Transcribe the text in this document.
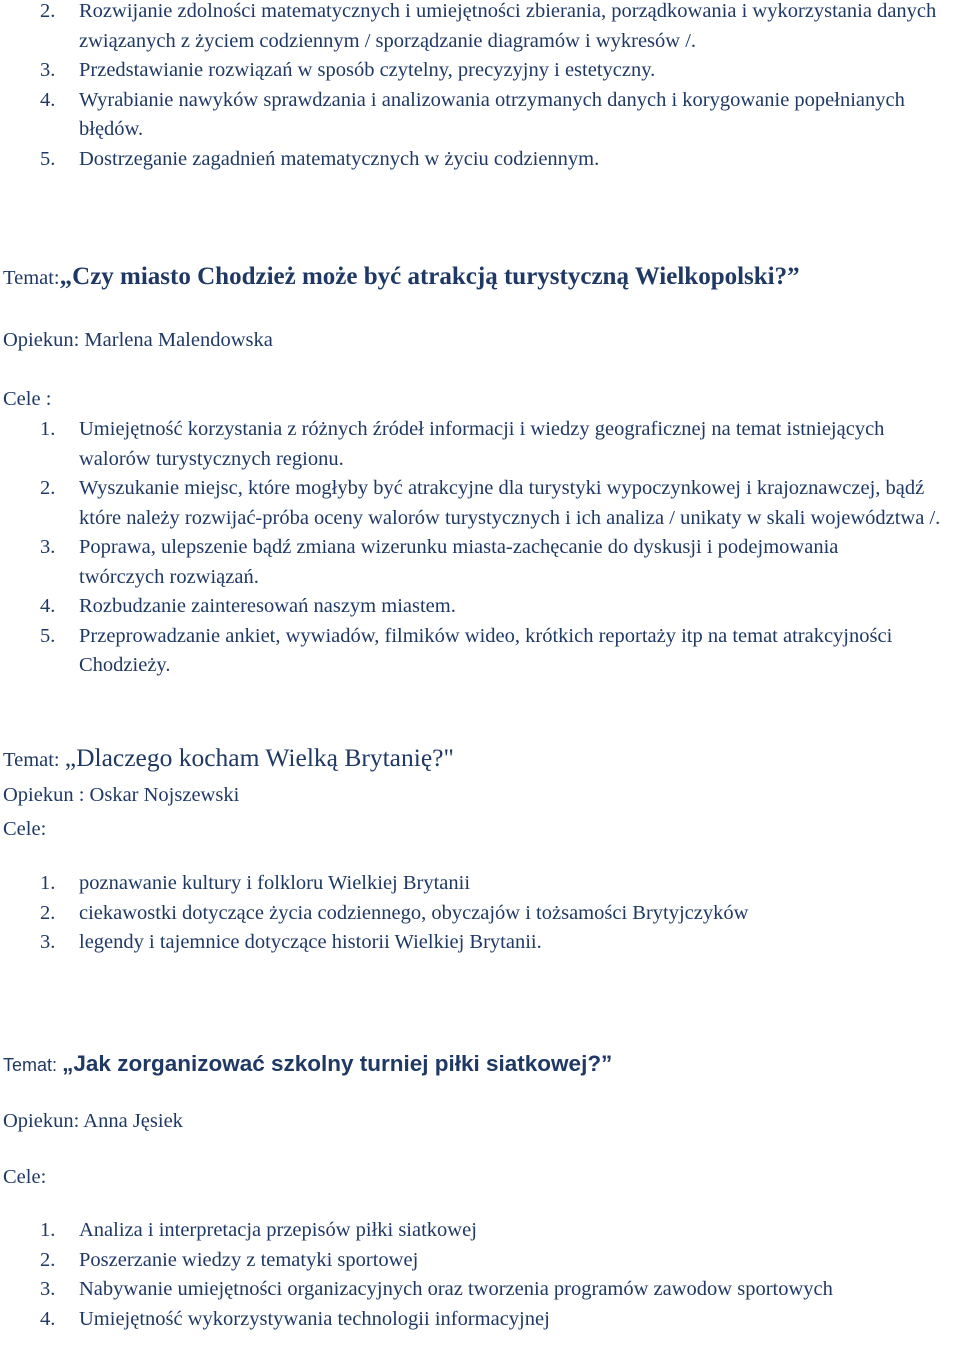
2. Rozwijanie zdolności matematycznych i umiejętności zbierania, porządkowania i wykorzystania danych związanych z życiem codziennym / sporządzanie diagramów i wykresów /.
3. Przedstawianie rozwiązań w sposób czytelny, precyzyjny i estetyczny.
4. Wyrabianie nawyków sprawdzania i analizowania otrzymanych danych i korygowanie popełnianych błędów.
5. Dostrzeganie zagadnień matematycznych w życiu codziennym.
Temat:„Czy miasto Chodzież może być atrakcją turystyczną Wielkopolski?”
Opiekun: Marlena Malendowska
Cele :
1. Umiejętność korzystania z różnych źródeł informacji i wiedzy geograficznej na temat istniejących walorów turystycznych regionu.
2. Wyszukanie miejsc, które mogłyby być atrakcyjne dla turystyki wypoczynkowej i krajoznawczej, bądź które należy rozwijać-próba oceny walorów turystycznych i ich analiza / unikaty w skali województwa /.
3. Poprawa, ulepszenie bądź zmiana wizerunku miasta-zachęcanie do dyskusji i podejmowania twórczych rozwiązań.
4. Rozbudzanie zainteresowań naszym miastem.
5. Przeprowadzanie ankiet, wywiadów, filmików wideo, krótkich reportaży itp na temat atrakcyjności Chodzieży.
Temat: „Dlaczego kocham Wielką Brytanię?"
Opiekun : Oskar Nojszewski
Cele:
1. poznawanie kultury i folkloru Wielkiej Brytanii
2. ciekawostki dotyczące życia codziennego, obyczajów i tożsamości Brytyjczyków
3. legendy i tajemnice dotyczące historii Wielkiej Brytanii.
Temat: „Jak zorganizować szkolny turniej piłki siatkowej?”
Opiekun: Anna Jęsiek
Cele:
1. Analiza i interpretacja przepisów piłki siatkowej
2. Poszerzanie wiedzy z tematyki sportowej
3. Nabywanie umiejętności organizacyjnych oraz tworzenia programów zawodow sportowych
4. Umiejętność wykorzystywania technologii informacyjnej
